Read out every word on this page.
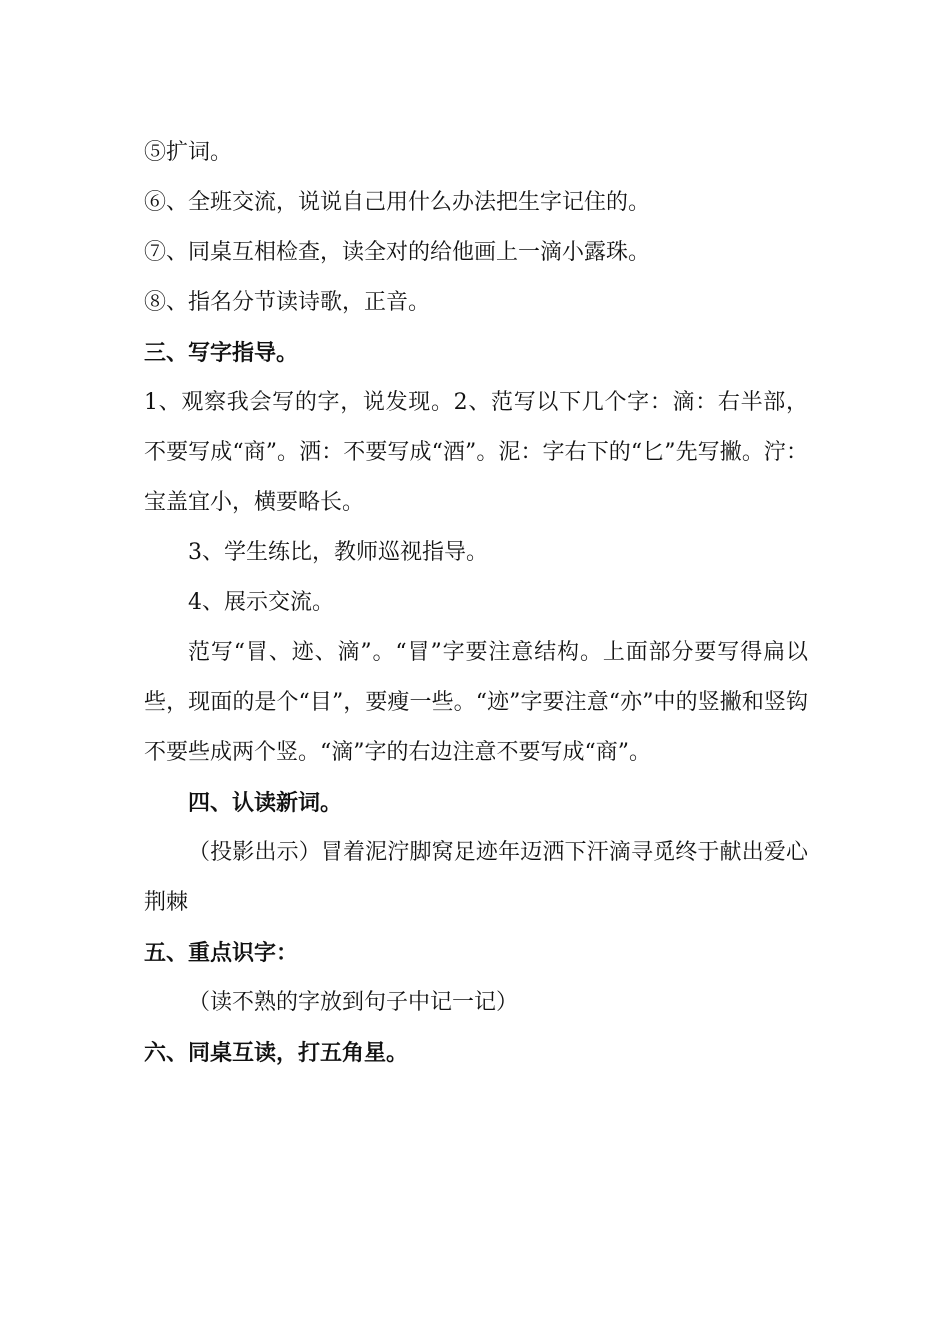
⑤扩词。

⑥、全班交流，说说自己用什么办法把生字记住的。

⑦、同桌互相检查，读全对的给他画上一滴小露珠。

⑧、指名分节读诗歌，正音。

三、写字指导。

1、观察我会写的字，说发现。2、范写以下几个字：滴：右半部，不要写成“商”。洒：不要写成“酒”。泥：字右下的“匕”先写撇。泞：宝盖宜小，横要略长。

3、学生练比，教师巡视指导。

4、展示交流。

范写“冒、迹、滴”。“冒”字要注意结构。上面部分要写得扁以些，现面的是个“目”，要瘦一些。“迹”字要注意“亦”中的竖撇和竖钩不要些成两个竖。“滴”字的右边注意不要写成“商”。

四、认读新词。

（投影出示）冒着泥泞脚窝足迹年迈洒下汗滴寻觅终于献出爱心荆棘

五、重点识字：

（读不熟的字放到句子中记一记）

六、同桌互读，打五角星。
